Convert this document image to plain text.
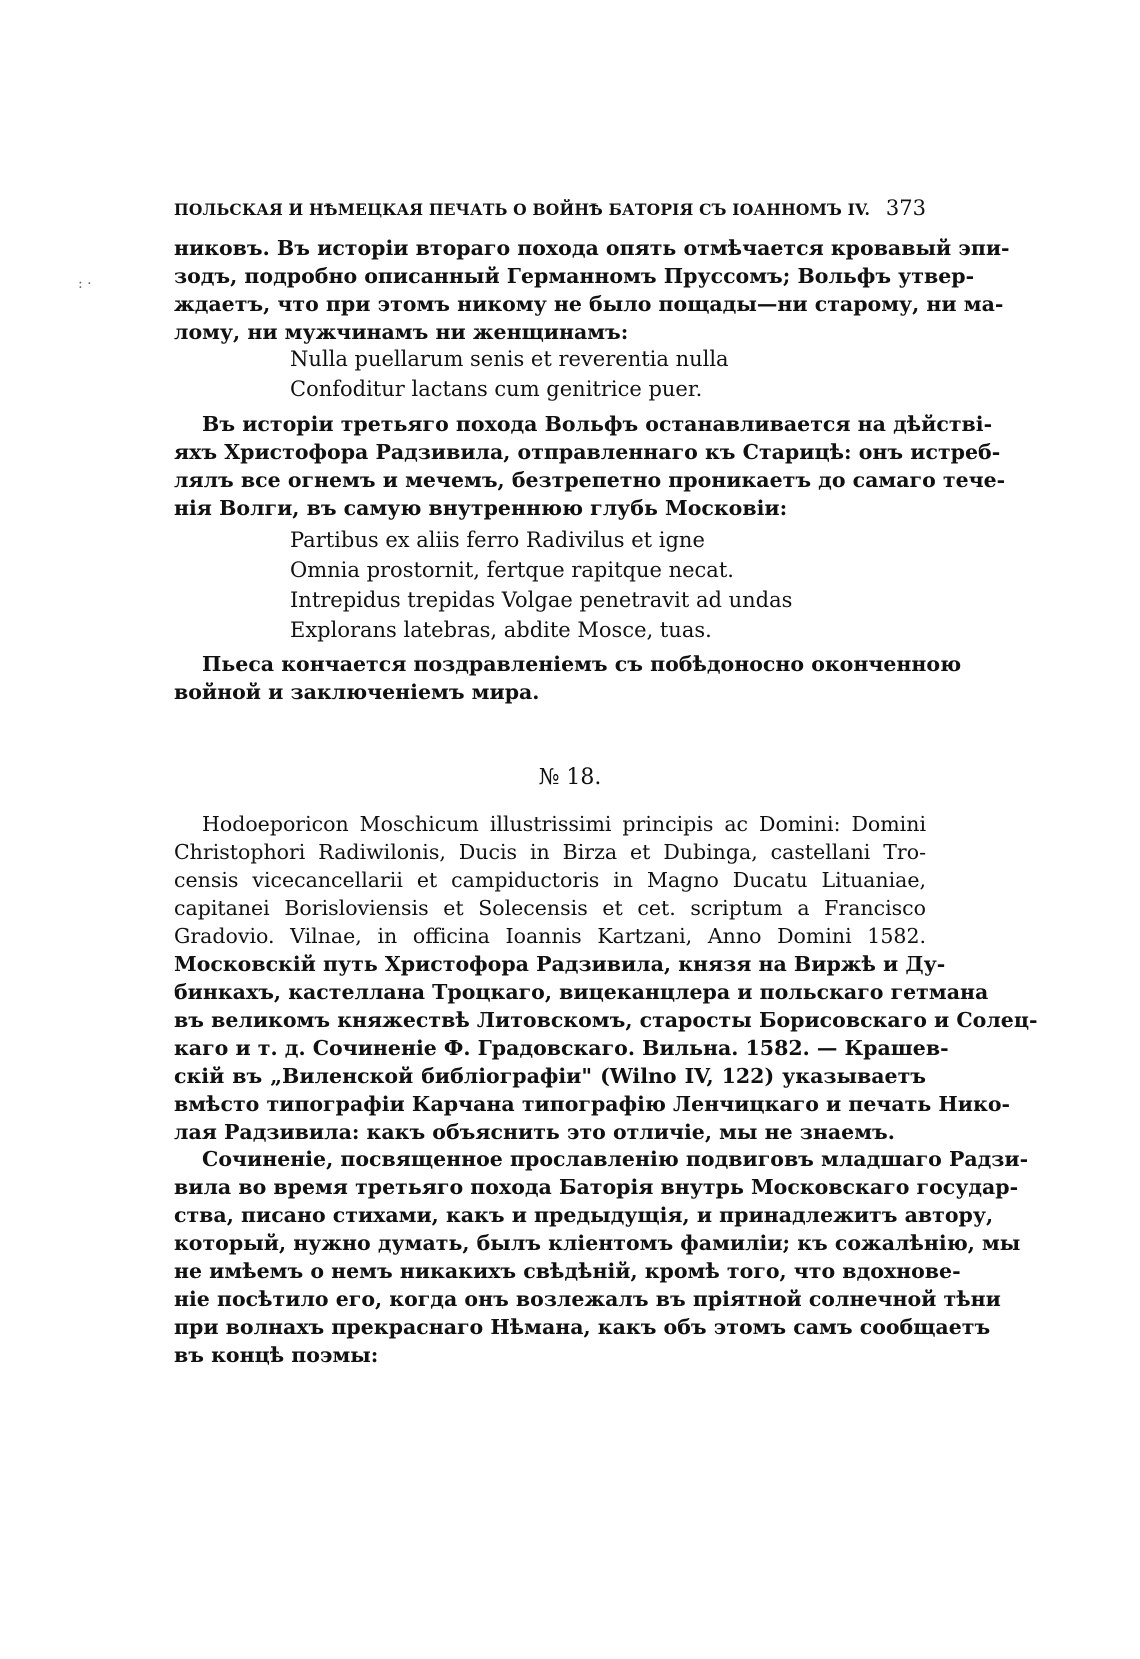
ПОЛЬСКАЯ И НѢМЕЦКАЯ ПЕЧАТЬ О ВОЙНѢ БАТОРІЯ СЪ ІОАННОМЪ IV. 373
: ·
никовъ. Въ исторіи втораго похода опять отмѣчается кровавый эпи-
зодъ, подробно описанный Германномъ Пруссомъ; Вольфъ утвер-
ждаетъ, что при этомъ никому не было пощады—ни старому, ни ма-
лому, ни мужчинамъ ни женщинамъ:
Nulla puellarum senis et reverentia nulla
Confoditur lactans cum genitrice puer.
Въ исторіи третьяго похода Вольфъ останавливается на дѣйствi-
яхъ Христофора Радзивила, отправленнаго къ Старицѣ: онъ истреб-
лялъ все огнемъ и мечемъ, безтрепетно проникаетъ до самаго тече-
нія Волги, въ самую внутреннюю глубь Московіи:
Partibus ex aliis ferro Radivilus et igne
Omnia prostornit, fertque rapitque necat.
Intrepidus trepidas Volgae penetravit ad undas
Explorans latebras, abdite Mosce, tuas.
Пьеса кончается поздравленіемъ съ побѣдоносно оконченною
войной и заключеніемъ мира.
№ 18.
Hodoeporicon Moschicum illustrissimi principis ac Domini: Domini
Christophori Radiwilonis, Ducis in Birza et Dubinga, castellani Tro-
censis vicecancellarii et campiductoris in Magno Ducatu Lituaniae,
capitanei Borisloviensis et Solecensis et cet. scriptum a Francisco
Gradovio. Vilnae, in officina Ioannis Kartzani, Anno Domini 1582.
Московскій путь Христофора Радзивила, князя на Виржѣ и Ду-
бинкахъ, кастеллана Троцкаго, вицеканцлера и польскаго гетмана
въ великомъ княжествѣ Литовскомъ, старосты Борисовскаго и Солец-
каго и т. д. Сочиненіе Ф. Градовскаго. Вильна. 1582. — Крашев-
скій въ „Виленской библіографіи" (Wilno IV, 122) указываетъ
вмѣсто типографіи Карчана типографію Ленчицкаго и печать Нико-
лая Радзивила: какъ объяснить это отличіе, мы не знаемъ.
Сочиненіе, посвященное прославленію подвиговъ младшаго Радзи-
вила во время третьяго похода Баторія внутрь Московскаго государ-
ства, писано стихами, какъ и предыдущія, и принадлежитъ автору,
который, нужно думать, былъ кліентомъ фамиліи; къ сожалѣнію, мы
не имѣемъ о немъ никакихъ свѣдѣній, кромѣ того, что вдохнове-
ніе посѣтило его, когда онъ возлежалъ въ пріятной солнечной тѣни
при волнахъ прекраснаго Нѣмана, какъ объ этомъ самъ сообщаетъ
въ концѣ поэмы:
